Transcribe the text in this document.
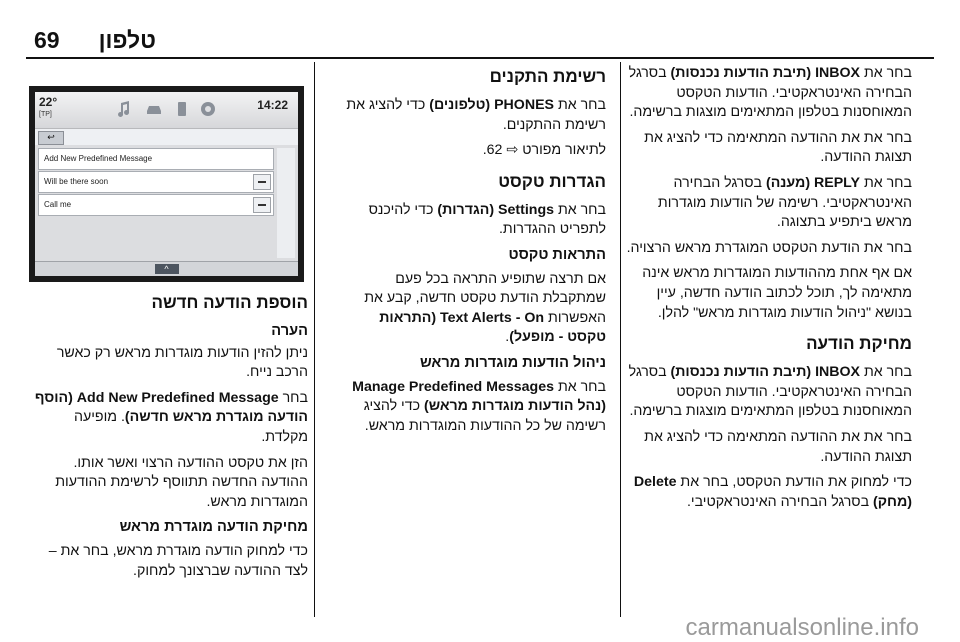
69 טלפון

בחר את INBOX (תיבת הודעות נכנסות) בסרגל הבחירה האינטראקטיבי. הודעות הטקסט המאוחסנות בטלפון המתאימים מוצגות ברשימה.

בחר את את ההודעה המתאימה כדי להציג את תצוגת ההודעה.

בחר את REPLY (מענה) בסרגל הבחירה האינטראקטיבי. רשימה של הודעות מוגדרות מראש ביתפיע בתצוגה.

בחר את הודעת הטקסט המוגדרת מראש הרצויה.

אם אף אחת מההודעות המוגדרות מראש אינה מתאימה לך, תוכל לכתוב הודעה חדשה, עיין בנושא "ניהול הודעות מוגדרות מראש" להלן.

מחיקת הודעה

בחר את INBOX (תיבת הודעות נכנסות) בסרגל הבחירה האינטראקטיבי. הודעות הטקסט המאוחסנות בטלפון המתאימים מוצגות ברשימה.

בחר את את ההודעה המתאימה כדי להציג את תצוגת ההודעה.

כדי למחוק את הודעת הטקסט, בחר את Delete (מחק) בסרגל הבחירה האינטראקטיבי.

רשימת התקנים

בחר את PHONES (טלפונים) כדי להציג את רשימת ההתקנים.

לתיאור מפורט ⇨ 62.

הגדרות טקסט

בחר את Settings (הגדרות) כדי להיכנס לתפריט ההגדרות.

התראות טקסט

אם תרצה שתופיע התראה בכל פעם שמתקבלת הודעת טקסט חדשה, קבע את האפשרות Text Alerts - On (התראות טקסט - מופעל).

ניהול הודעות מוגדרות מראש

בחר את Manage Predefined Messages (נהל הודעות מוגדרות מראש) כדי להציג רשימה של כל ההודעות המוגדרות מראש.

22°
[TP]
14:22
↩
Add New Predefined Message
Will be there soon
Call me
^
הוספת הודעה חדשה
הערה

ניתן להזין הודעות מוגדרות מראש רק כאשר הרכב נייח.

בחר Add New Predefined Message (הוסף הודעה מוגדרת מראש חדשה). מופיעה מקלדת.

הזן את טקסט ההודעה הרצוי ואשר אותו. ההודעה החדשה תתווסף לרשימת ההודעות המוגדרות מראש.

מחיקת הודעה מוגדרת מראש

כדי למחוק הודעה מוגדרת מראש, בחר את – לצד ההודעה שברצונך למחוק.

carmanualsonline.info
